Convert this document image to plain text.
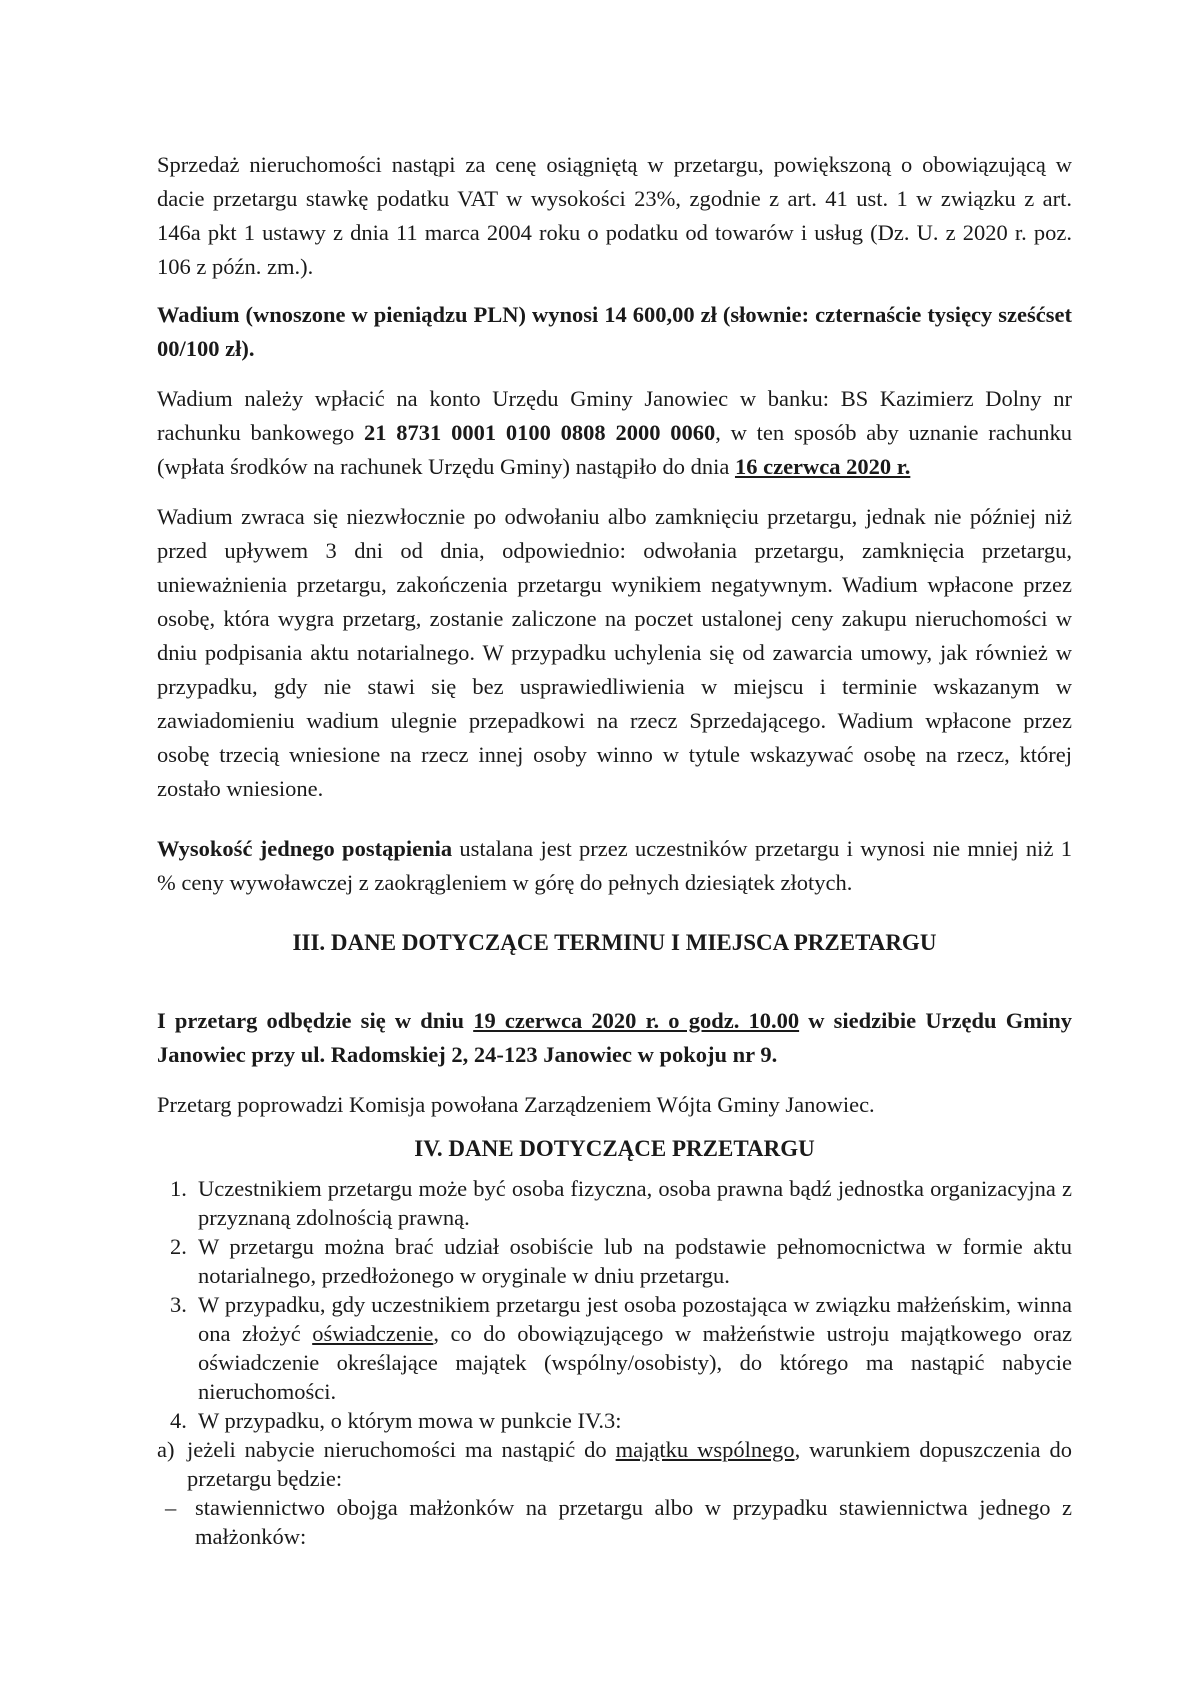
Sprzedaż nieruchomości nastąpi za cenę osiągniętą w przetargu, powiększoną o obowiązującą w dacie przetargu stawkę podatku VAT w wysokości 23%, zgodnie z art. 41 ust. 1 w związku z art. 146a pkt 1 ustawy z dnia 11 marca 2004 roku o podatku od towarów i usług (Dz. U. z 2020 r. poz. 106 z późn. zm.).

Wadium (wnoszone w pieniądzu PLN) wynosi 14 600,00 zł (słownie: czternaście tysięcy sześćset 00/100 zł).

Wadium należy wpłacić na konto Urzędu Gminy Janowiec w banku: BS Kazimierz Dolny nr rachunku bankowego 21 8731 0001 0100 0808 2000 0060, w ten sposób aby uznanie rachunku (wpłata środków na rachunek Urzędu Gminy) nastąpiło do dnia 16 czerwca 2020 r.

Wadium zwraca się niezwłocznie po odwołaniu albo zamknięciu przetargu, jednak nie później niż przed upływem 3 dni od dnia, odpowiednio: odwołania przetargu, zamknięcia przetargu, unieważnienia przetargu, zakończenia przetargu wynikiem negatywnym. Wadium wpłacone przez osobę, która wygra przetarg, zostanie zaliczone na poczet ustalonej ceny zakupu nieruchomości w dniu podpisania aktu notarialnego. W przypadku uchylenia się od zawarcia umowy, jak również w przypadku, gdy nie stawi się bez usprawiedliwienia w miejscu i terminie wskazanym w zawiadomieniu wadium ulegnie przepadkowi na rzecz Sprzedającego. Wadium wpłacone przez osobę trzecią wniesione na rzecz innej osoby winno w tytule wskazywać osobę na rzecz, której zostało wniesione.

Wysokość jednego postąpienia ustalana jest przez uczestników przetargu i wynosi nie mniej niż 1 % ceny wywoławczej z zaokrągleniem w górę do pełnych dziesiątek złotych.

III. DANE DOTYCZĄCE TERMINU I MIEJSCA PRZETARGU

I przetarg odbędzie się w dniu 19 czerwca 2020 r. o godz. 10.00 w siedzibie Urzędu Gminy Janowiec przy ul. Radomskiej 2, 24-123 Janowiec w pokoju nr 9.

Przetarg poprowadzi Komisja powołana Zarządzeniem Wójta Gminy Janowiec.

IV. DANE DOTYCZĄCE PRZETARGU
1. Uczestnikiem przetargu może być osoba fizyczna, osoba prawna bądź jednostka organizacyjna z przyznaną zdolnością prawną.
2. W przetargu można brać udział osobiście lub na podstawie pełnomocnictwa w formie aktu notarialnego, przedłożonego w oryginale w dniu przetargu.
3. W przypadku, gdy uczestnikiem przetargu jest osoba pozostająca w związku małżeńskim, winna ona złożyć oświadczenie, co do obowiązującego w małżeństwie ustroju majątkowego oraz oświadczenie określające majątek (wspólny/osobisty), do którego ma nastąpić nabycie nieruchomości.
4. W przypadku, o którym mowa w punkcie IV.3:
a) jeżeli nabycie nieruchomości ma nastąpić do majątku wspólnego, warunkiem dopuszczenia do przetargu będzie:
– stawiennictwo obojga małżonków na przetargu albo w przypadku stawiennictwa jednego z małżonków:
